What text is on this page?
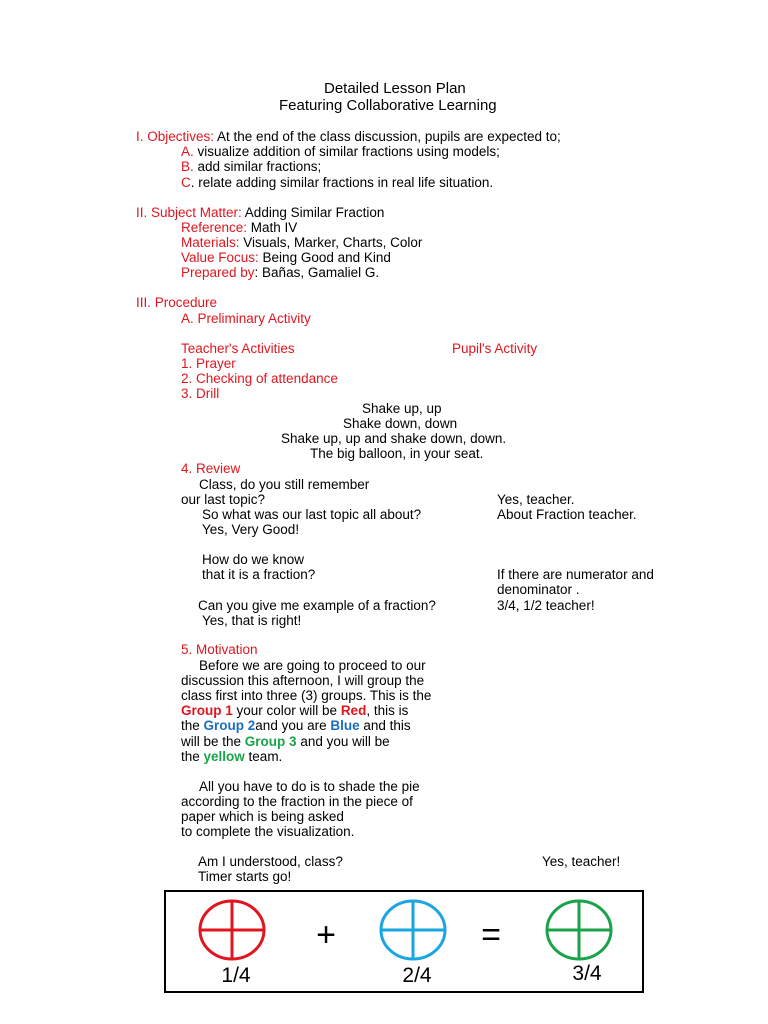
Detailed Lesson Plan
Featuring Collaborative Learning
I. Objectives: At the end of the class discussion, pupils are expected to;
A. visualize addition of similar fractions using models;
B. add similar fractions;
C. relate adding similar fractions in real life situation.
II. Subject Matter: Adding Similar Fraction
Reference: Math IV
Materials: Visuals, Marker, Charts, Color
Value Focus: Being Good and Kind
Prepared by: Bañas, Gamaliel G.
III. Procedure
A. Preliminary Activity
Teacher's Activities	Pupil's Activity
1. Prayer
2. Checking of attendance
3. Drill
Shake up, up
Shake down, down
Shake up, up and shake down, down.
The big balloon, in your seat.
4. Review
Class, do you still remember
our last topic?	Yes, teacher.
So what was our last topic all about?	About Fraction teacher.
Yes, Very Good!
How do we know
that it is a fraction?	If there are numerator and
denominator .
Can you give me example of a fraction?	3/4, 1/2 teacher!
Yes, that is right!
5. Motivation
Before we are going to proceed to our
discussion this afternoon, I will group the
class first into three (3) groups. This is the
Group 1 your color will be Red, this is
the Group 2and you are Blue and this
will be the Group 3 and you will be
the yellow team.
All you have to do is to shade the pie
according to the fraction in the piece of
paper which is being asked
to complete the visualization.
Am I understood, class?	Yes, teacher!
Timer starts go!
+	=
1/4	2/4	3/4
